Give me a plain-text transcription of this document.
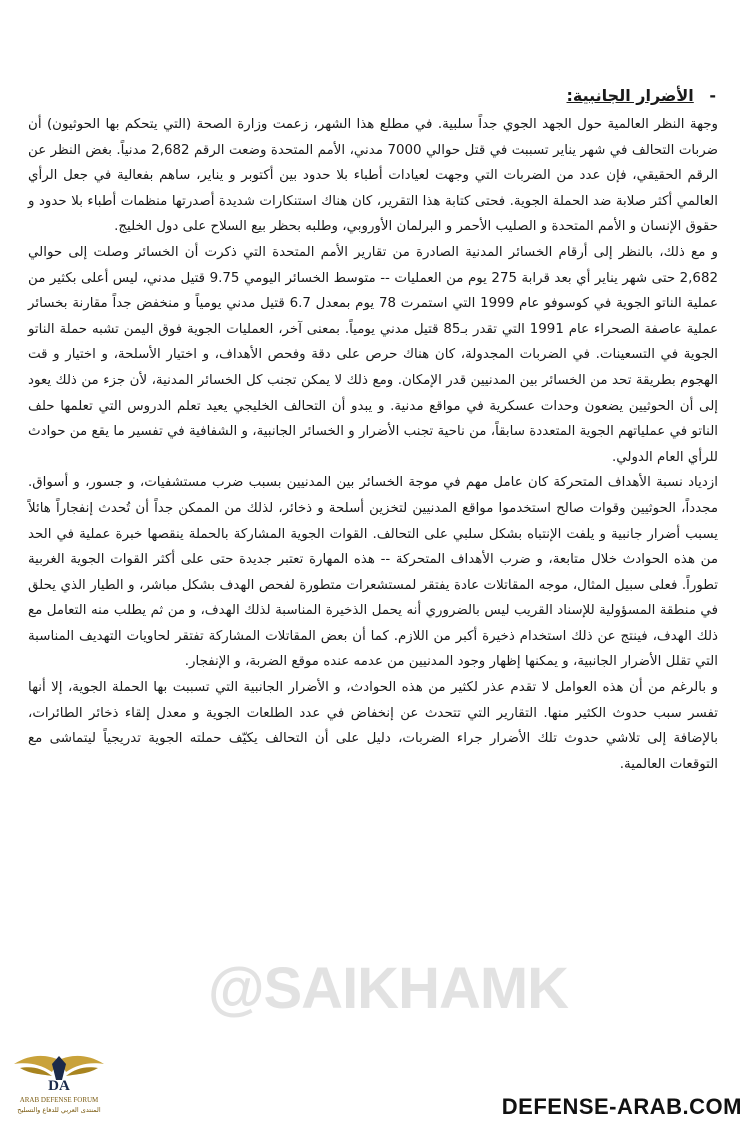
- الأضرار الجانبية:

وجهة النظر العالمية حول الجهد الجوي جداً سلبية. في مطلع هذا الشهر، زعمت وزارة الصحة (التي يتحكم بها الحوثيون) أن ضربات التحالف في شهر يناير تسببت في قتل حوالي 7000 مدني، الأمم المتحدة وضعت الرقم 2,682 مدنياً. بغض النظر عن الرقم الحقيقي، فإن عدد من الضربات التي وجهت لعيادات أطباء بلا حدود بين أكتوبر و يناير، ساهم بفعالية في جعل الرأي العالمي أكثر صلابة ضد الحملة الجوية. فحتى كتابة هذا التقرير، كان هناك استنكارات شديدة أصدرتها منظمات أطباء بلا حدود و حقوق الإنسان و الأمم المتحدة و الصليب الأحمر و البرلمان الأوروبي، وطلبه بحظر بيع السلاح على دول الخليج.

و مع ذلك، بالنظر إلى أرقام الخسائر المدنية الصادرة من تقارير الأمم المتحدة التي ذكرت أن الخسائر وصلت إلى حوالي 2,682 حتى شهر يناير أي بعد قرابة 275 يوم من العمليات -- متوسط الخسائر اليومي 9.75 قتيل مدني، ليس أعلى بكثير من عملية الناتو الجوية في كوسوفو عام 1999 التي استمرت 78 يوم بمعدل 6.7 قتيل مدني يومياً و منخفض جداً مقارنة بخسائر عملية عاصفة الصحراء عام 1991 التي تقدر بـ85 قتيل مدني يومياً. بمعنى آخر، العمليات الجوية فوق اليمن تشبه حملة الناتو الجوية في التسعينات. في الضربات المجدولة، كان هناك حرص على دقة وفحص الأهداف، و اختيار الأسلحة، و اختيار و قت الهجوم بطريقة تحد من الخسائر بين المدنيين قدر الإمكان. ومع ذلك لا يمكن تجنب كل الخسائر المدنية، لأن جزء من ذلك يعود إلى أن الحوثيين يضعون وحدات عسكرية في مواقع مدنية. و يبدو أن التحالف الخليجي يعيد تعلم الدروس التي تعلمها حلف الناتو في عملياتهم الجوية المتعددة سابقاً، من ناحية تجنب الأضرار و الخسائر الجانبية، و الشفافية في تفسير ما يقع من حوادث للرأي العام الدولي.

ازدياد نسبة الأهداف المتحركة كان عامل مهم في موجة الخسائر بين المدنيين بسبب ضرب مستشفيات، و جسور، و أسواق. مجدداً، الحوثيين وقوات صالح استخدموا مواقع المدنيين لتخزين أسلحة و ذخائر، لذلك من الممكن جداً أن تُحدث إنفجاراً هائلاً يسبب أضرار جانبية و يلفت الإنتباه بشكل سلبي على التحالف. القوات الجوية المشاركة بالحملة ينقصها خبرة عملية في الحد من هذه الحوادث خلال متابعة، و ضرب الأهداف المتحركة -- هذه المهارة تعتبر جديدة حتى على أكثر القوات الجوية الغربية تطوراً. فعلى سبيل المثال، موجه المقاتلات عادة يفتقر لمستشعرات متطورة لفحص الهدف بشكل مباشر، و الطيار الذي يحلق في منطقة المسؤولية للإسناد القريب ليس بالضروري أنه يحمل الذخيرة المناسبة لذلك الهدف، و من ثم يطلب منه التعامل مع ذلك الهدف، فينتج عن ذلك استخدام ذخيرة أكبر من اللازم. كما أن بعض المقاتلات المشاركة تفتقر لحاويات التهديف المناسبة التي تقلل الأضرار الجانبية، و يمكنها إظهار وجود المدنيين من عدمه عنده موقع الضربة، و الإنفجار.

و بالرغم من أن هذه العوامل لا تقدم عذر لكثير من هذه الحوادث، و الأضرار الجانبية التي تسببت بها الحملة الجوية، إلا أنها تفسر سبب حدوث الكثير منها. التقارير التي تتحدث عن إنخفاض في عدد الطلعات الجوية و معدل إلقاء ذخائر الطائرات، بالإضافة إلى تلاشي حدوث تلك الأضرار جراء الضربات، دليل على أن التحالف يكيّف حملته الجوية تدريجياً ليتماشى مع التوقعات العالمية.

@SAIKHAMK
DA
ARAB DEFENSE FORUM
المنتدى العربي للدفاع والتسليح	DEFENSE-ARAB.COM
